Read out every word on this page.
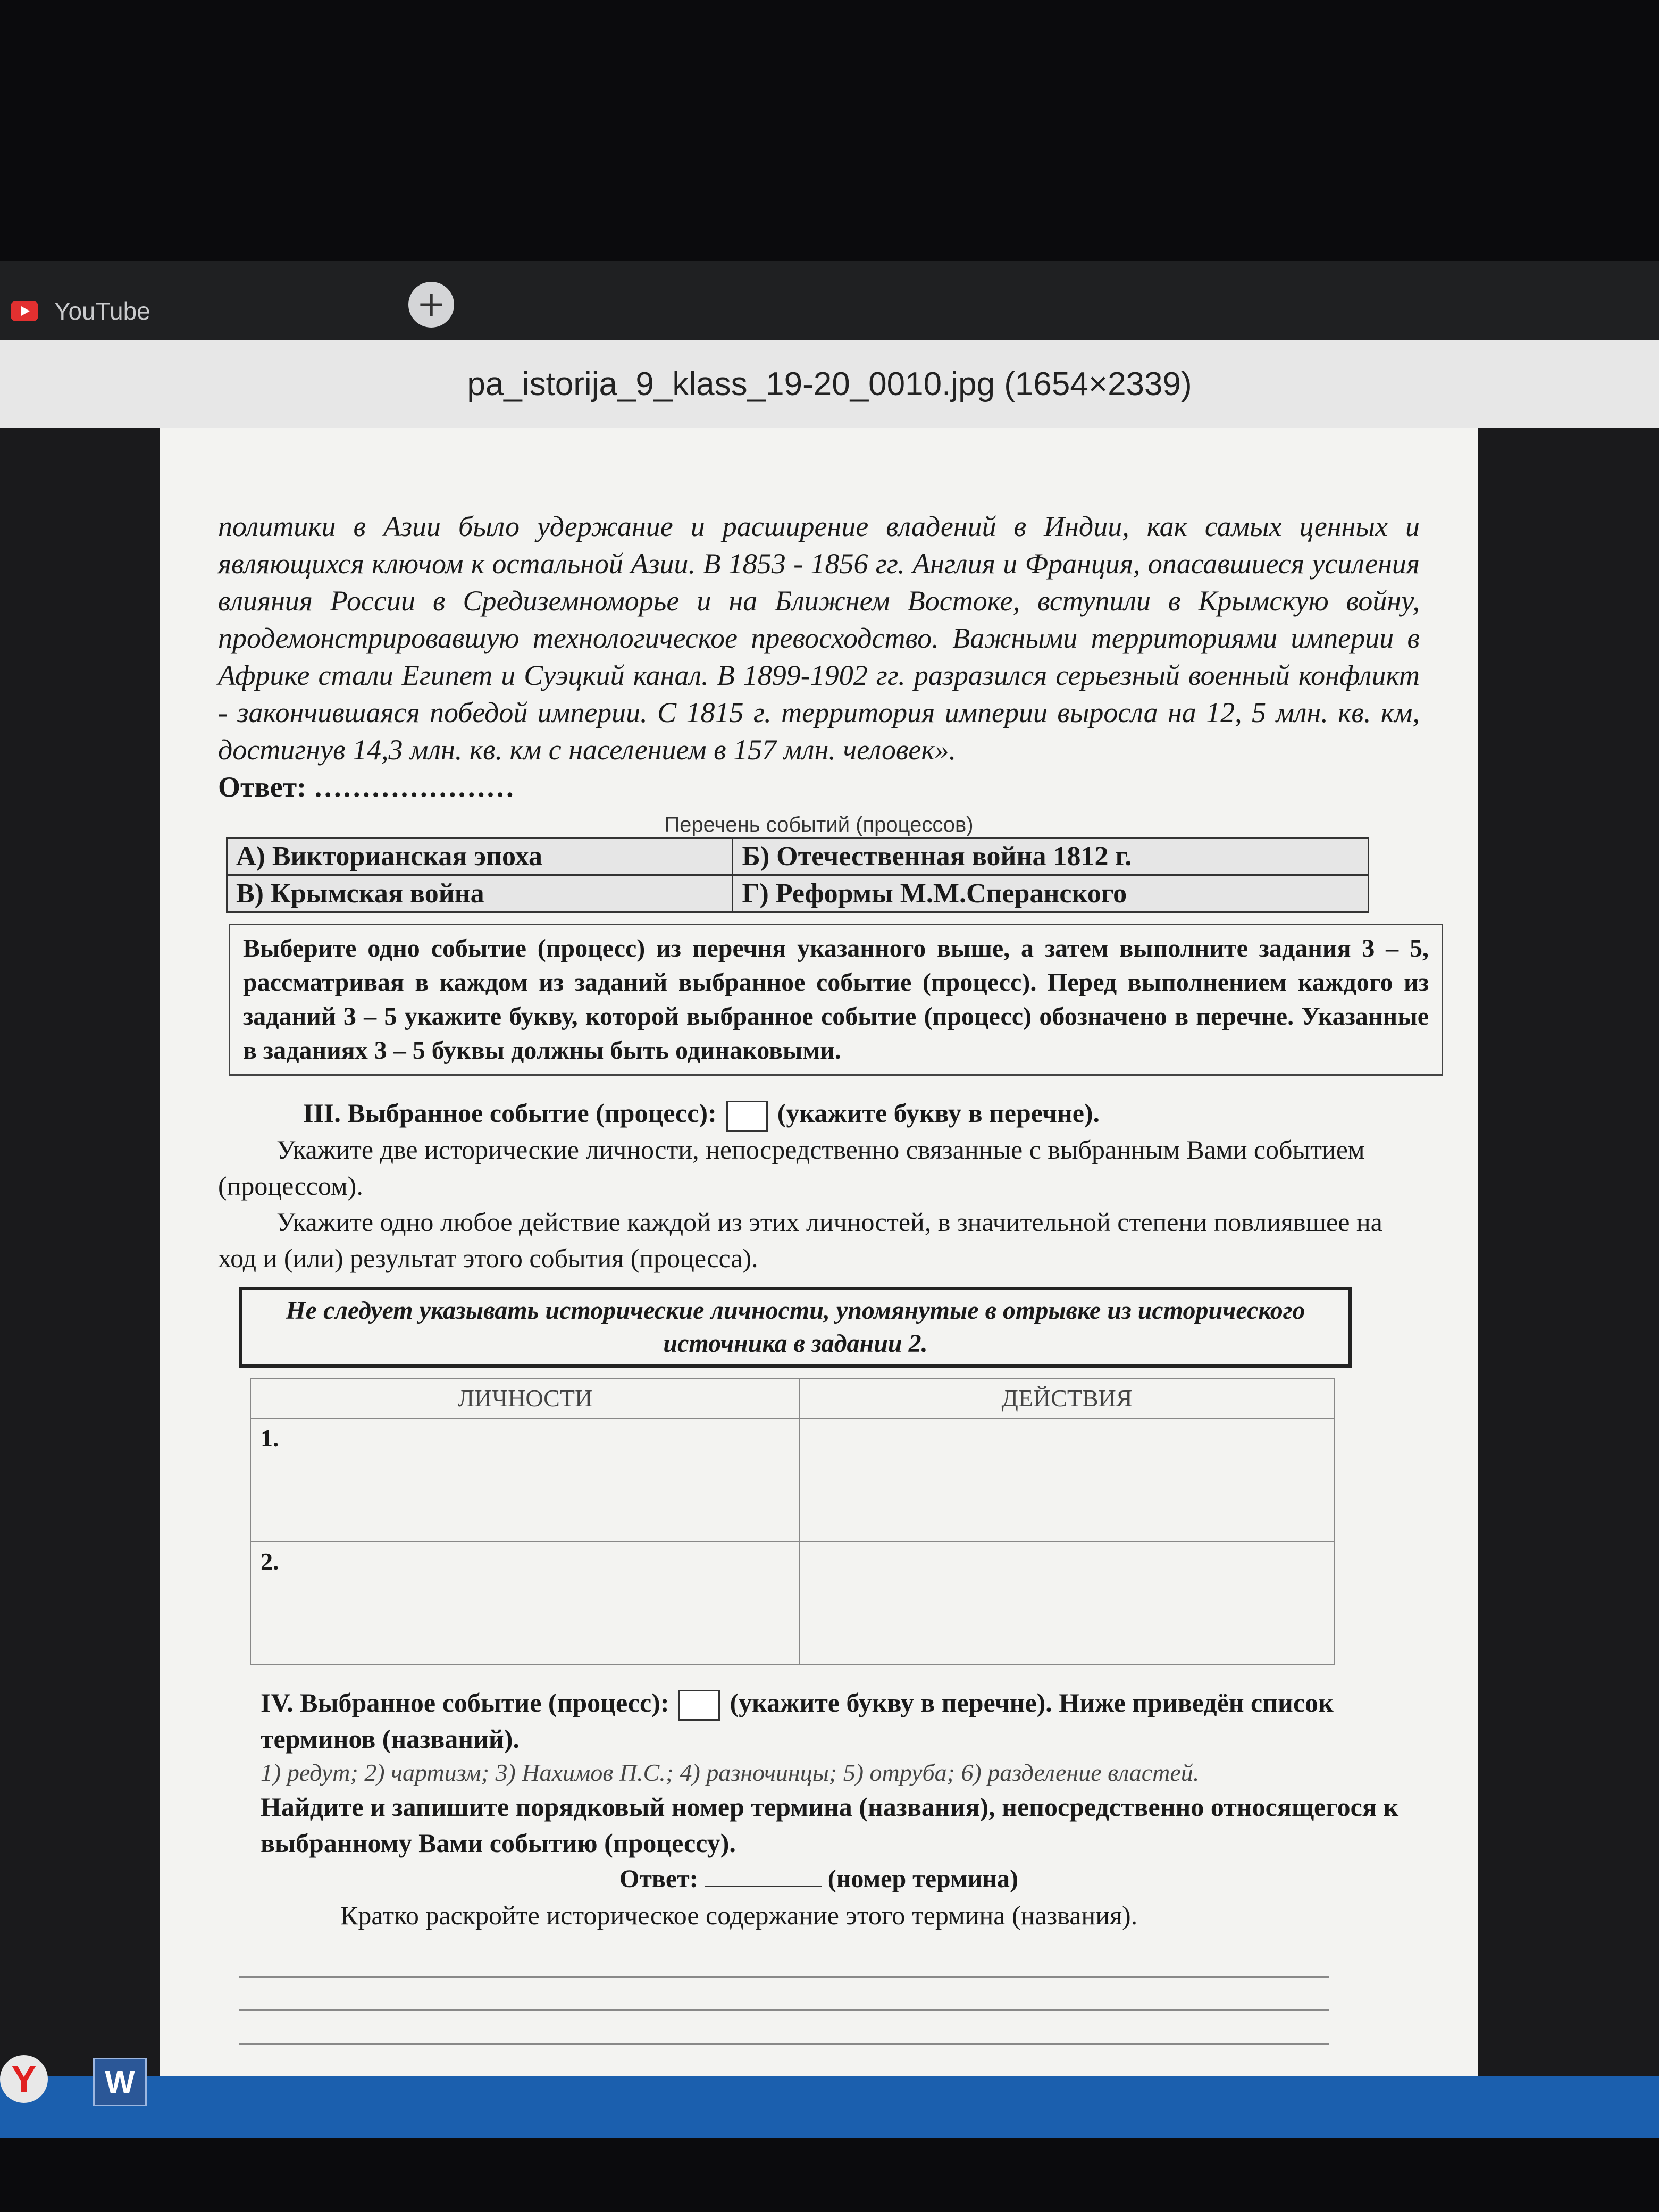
YouTube	+
pa_istorija_9_klass_19-20_0010.jpg (1654×2339)
политики в Азии было удержание и расширение владений в Индии, как самых ценных и являющихся ключом к остальной Азии. В 1853 - 1856 гг. Англия и Франция, опасавшиеся усиления влияния России в Средиземноморье и на Ближнем Востоке, вступили в Крымскую войну, продемонстрировавшую технологическое превосходство. Важными территориями империи в Африке стали Египет и Суэцкий канал. В 1899-1902 гг. разразился серьезный военный конфликт - закончившаяся победой империи. С 1815 г. территория империи выросла на 12, 5 млн. кв. км, достигнув 14,3 млн. кв. км с населением в 157 млн. человек».
Ответ: …………………
Перечень событий (процессов)
А) Викторианская эпоха	Б) Отечественная война 1812 г.
В) Крымская война	Г) Реформы М.М.Сперанского
Выберите одно событие (процесс) из перечня указанного выше, а затем выполните задания 3 – 5, рассматривая в каждом из заданий выбранное событие (процесс). Перед выполнением каждого из заданий 3 – 5 укажите букву, которой выбранное событие (процесс) обозначено в перечне. Указанные в заданиях 3 – 5 буквы должны быть одинаковыми.
III. Выбранное событие (процесс): (укажите букву в перечне).
Укажите две исторические личности, непосредственно связанные с выбранным Вами событием (процессом).
Укажите одно любое действие каждой из этих личностей, в значительной степени повлиявшее на ход и (или) результат этого события (процесса).
Не следует указывать исторические личности, упомянутые в отрывке из исторического источника в задании 2.
ЛИЧНОСТИ	ДЕЙСТВИЯ
1.	
2.	
IV. Выбранное событие (процесс): (укажите букву в перечне). Ниже приведён список терминов (названий).
1) редут; 2) чартизм; 3) Нахимов П.С.; 4) разночинцы; 5) отруба; 6) разделение властей.
Найдите и запишите порядковый номер термина (названия), непосредственно относящегося к выбранному Вами событию (процессу).
Ответ:	(номер термина)
Кратко раскройте историческое содержание этого термина (названия).
Y	W
